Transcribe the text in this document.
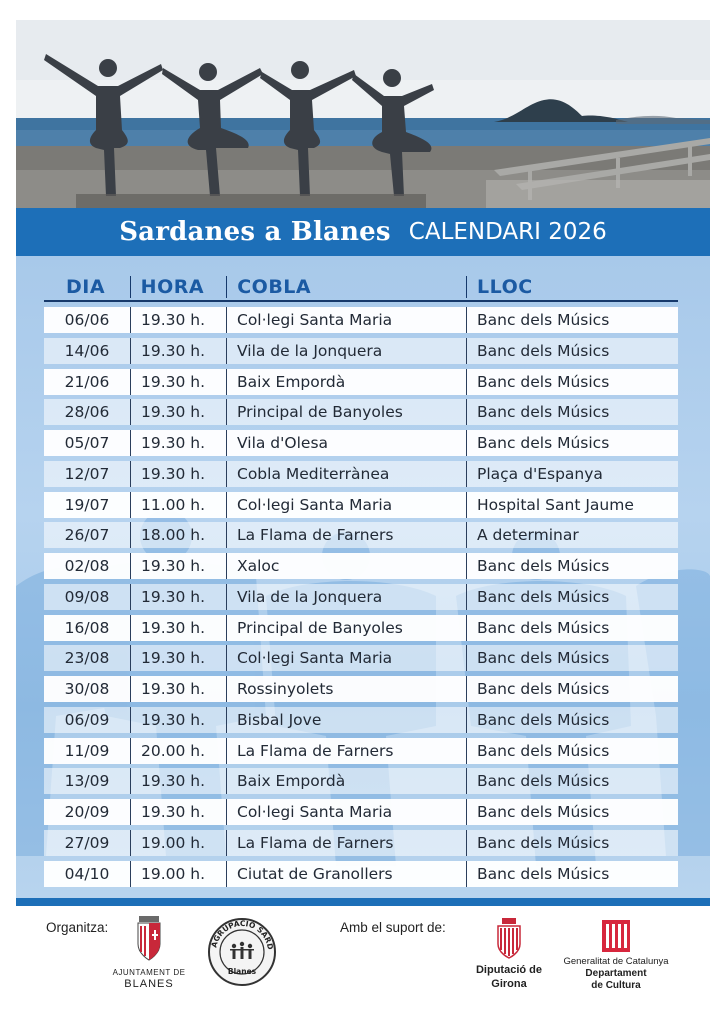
Sardanes a Blanes CALENDARI 2026
DIA	HORA	COBLA	LLOC
06/06	19.30 h.	Col·legi Santa Maria	Banc dels Músics
14/06	19.30 h.	Vila de la Jonquera	Banc dels Músics
21/06	19.30 h.	Baix Empordà	Banc dels Músics
28/06	19.30 h.	Principal de Banyoles	Banc dels Músics
05/07	19.30 h.	Vila d'Olesa	Banc dels Músics
12/07	19.30 h.	Cobla Mediterrànea	Plaça d'Espanya
19/07	11.00 h.	Col·legi Santa Maria	Hospital Sant Jaume
26/07	18.00 h.	La Flama de Farners	A determinar
02/08	19.30 h.	Xaloc	Banc dels Músics
09/08	19.30 h.	Vila de la Jonquera	Banc dels Músics
16/08	19.30 h.	Principal de Banyoles	Banc dels Músics
23/08	19.30 h.	Col·legi Santa Maria	Banc dels Músics
30/08	19.30 h.	Rossinyolets	Banc dels Músics
06/09	19.30 h.	Bisbal Jove	Banc dels Músics
11/09	20.00 h.	La Flama de Farners	Banc dels Músics
13/09	19.30 h.	Baix Empordà	Banc dels Músics
20/09	19.30 h.	Col·legi Santa Maria	Banc dels Músics
27/09	19.00 h.	La Flama de Farners	Banc dels Músics
04/10	19.00 h.	Ciutat de Granollers	Banc dels Músics
Organitza:
AJUNTAMENT DE
BLANES
AGRUPACIÓ SARD
Blanes
Amb el suport de:
Diputació de
Girona
Generalitat de Catalunya
Departament
de Cultura
